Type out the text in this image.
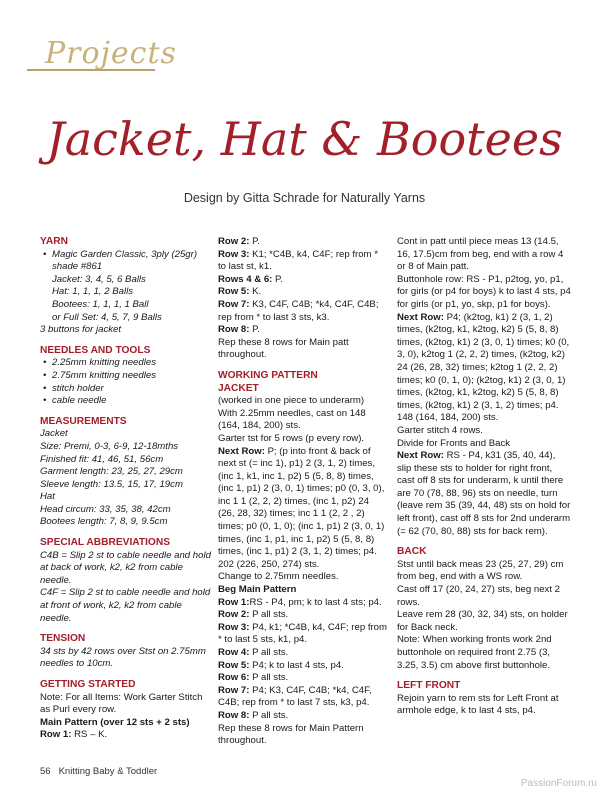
Projects
Jacket, Hat & Bootees
Design by Gitta Schrade for Naturally Yarns
YARN
• Magic Garden Classic, 3ply (25gr)
shade #861
Jacket: 3, 4, 5, 6 Balls
Hat: 1, 1, 1, 2 Balls
Bootees: 1, 1, 1, 1 Ball
or Full Set: 4, 5, 7, 9 Balls
3 buttons for jacket
NEEDLES AND TOOLS
• 2.25mm knitting needles
• 2.75mm knitting needles
• stitch holder
• cable needle
MEASUREMENTS
Jacket
Size: Premi, 0-3, 6-9, 12-18mths
Finished fit: 41, 46, 51, 56cm
Garment length: 23, 25, 27, 29cm
Sleeve length: 13.5, 15, 17, 19cm
Hat
Head circum: 33, 35, 38, 42cm
Bootees length: 7, 8, 9, 9.5cm
SPECIAL ABBREVIATIONS
C4B = Slip 2 st to cable needle and hold at back of work, k2, k2 from cable needle.
C4F = Slip 2 st to cable needle and hold at front of work, k2, k2 from cable needle.
TENSION
34 sts by 42 rows over Stst on 2.75mm needles to 10cm.
GETTING STARTED
Note: For all Items: Work Garter Stitch as Purl every row.
Main Pattern (over 12 sts + 2 sts)
Row 1: RS – K.
Row 2: P.
Row 3: K1; *C4B, k4, C4F; rep from * to last st, k1.
Rows 4 & 6: P.
Row 5: K.
Row 7: K3, C4F, C4B; *k4, C4F, C4B; rep from * to last 3 sts, k3.
Row 8: P.
Rep these 8 rows for Main patt throughout.
WORKING PATTERN
JACKET
(worked in one piece to underarm)
With 2.25mm needles, cast on 148 (164, 184, 200) sts.
Garter tst for 5 rows (p every row).
Next Row: P; (p into front & back of next st (= inc 1), p1) 2 (3, 1, 2) times, (inc 1, k1, inc 1, p2) 5 (5, 8, 8) times, (inc 1, p1) 2 (3, 0, 1) times; p0 (0, 3, 0), inc 1 1 (2, 2, 2) times, (inc 1, p2) 24 (26, 28, 32) times; inc 1 1 (2, 2 , 2) times; p0 (0, 1, 0); (inc 1, p1) 2 (3, 0, 1) times, (inc 1, p1, inc 1, p2) 5 (5, 8, 8) times, (inc 1, p1) 2 (3, 1, 2) times; p4. 202 (226, 250, 274) sts.
Change to 2.75mm needles.
Beg Main Pattern
Row 1:RS - P4, pm; k to last 4 sts; p4.
Row 2: P all sts.
Row 3: P4, k1; *C4B, k4, C4F; rep from * to last 5 sts, k1, p4.
Row 4: P all sts.
Row 5: P4; k to last 4 sts, p4.
Row 6: P all sts.
Row 7: P4; K3, C4F, C4B; *k4, C4F, C4B; rep from * to last 7 sts, k3, p4.
Row 8: P all sts.
Rep these 8 rows for Main Pattern throughout.
Cont in patt until piece meas 13 (14.5, 16, 17.5)cm from beg, end with a row 4 or 8 of Main patt.
Buttonhole row: RS - P1, p2tog, yo, p1, for girls (or p4 for boys) k to last 4 sts, p4 for girls (or p1, yo, skp, p1 for boys).
Next Row: P4; (k2tog, k1) 2 (3, 1, 2) times, (k2tog, k1, k2tog, k2) 5 (5, 8, 8) times, (k2tog, k1) 2 (3, 0, 1) times; k0 (0, 3, 0), k2tog 1 (2, 2, 2) times, (k2tog, k2) 24 (26, 28, 32) times; k2tog 1 (2, 2, 2) times; k0 (0, 1, 0); (k2tog, k1) 2 (3, 0, 1) times, (k2tog, k1, k2tog, k2) 5 (5, 8, 8) times, (k2tog, k1) 2 (3, 1, 2) times; p4. 148 (164, 184, 200) sts.
Garter stitch 4 rows.
Divide for Fronts and Back
Next Row: RS - P4, k31 (35, 40, 44), slip these sts to holder for right front, cast off 8 sts for underarm, k until there are 70 (78, 88, 96) sts on needle, turn (leave rem 35 (39, 44, 48) sts on hold for left front), cast off 8 sts for 2nd underarm (= 62 (70, 80, 88) sts for back rem).
BACK
Stst until back meas 23 (25, 27, 29) cm from beg, end with a WS row.
Cast off 17 (20, 24, 27) sts, beg next 2 rows.
Leave rem 28 (30, 32, 34) sts, on holder for Back neck.
Note: When working fronts work 2nd buttonhole on required front 2.75 (3, 3.25, 3.5) cm above first buttonhole.
LEFT FRONT
Rejoin yarn to rem sts for Left Front at armhole edge, k to last 4 sts, p4.
56 Knitting Baby & Toddler
PassionForum.ru
